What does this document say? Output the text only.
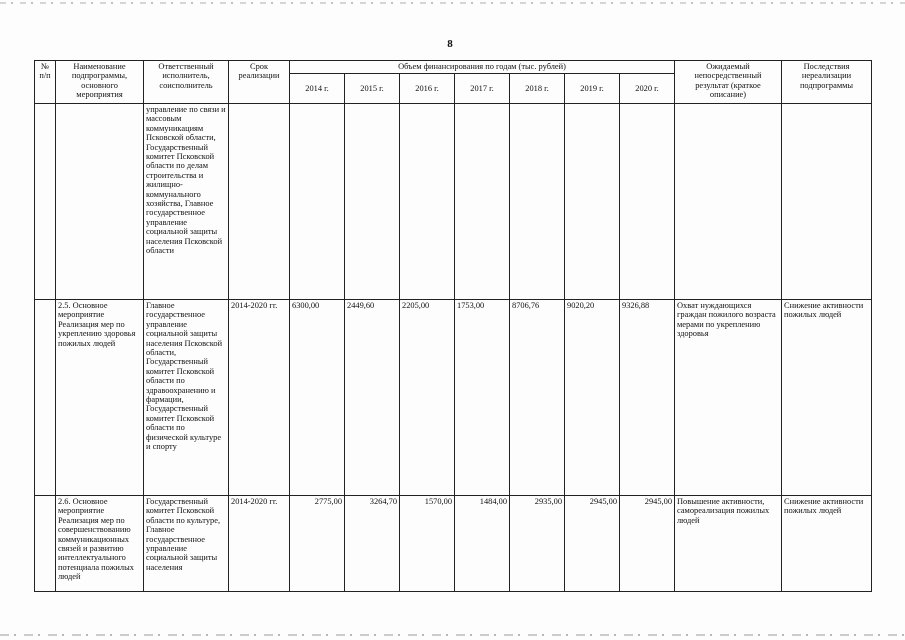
8
№ п/п	Наименование подпрограммы, основного мероприятия	Ответственный исполнитель, соисполнитель	Срок реализации	Объем финансирования по годам (тыс. рублей)							Ожидаемый непосредственный результат (краткое описание)	Последствия нереализации подпрограммы
				2014 г.	2015 г.	2016 г.	2017 г.	2018 г.	2019 г.	2020 г.		
		управление по связи и массовым коммуникациям Псковской области, Государственный комитет Псковской области по делам строительства и жилищно-коммунального хозяйства, Главное государственное управление социальной защиты населения Псковской области										
	2.5. Основное мероприятие Реализация мер по укреплению здоровья пожилых людей	Главное государственное управление социальной защиты населения Псковской области, Государственный комитет Псковской области по здравоохранению и фармации, Государственный комитет Псковской области по физической культуре и спорту	2014-2020 гг.	6300,00	2449,60	2205,00	1753,00	8706,76	9020,20	9326,88	Охват нуждающихся граждан пожилого возраста мерами по укреплению здоровья	Снижение активности пожилых людей
	2.6. Основное мероприятие Реализация мер по совершенствованию коммуникационных связей и развитию интеллектуального потенциала пожилых людей	Государственный комитет Псковской области по культуре, Главное государственное управление социальной защиты населения	2014-2020 гг.	2775,00	3264,70	1570,00	1484,00	2935,00	2945,00	2945,00	Повышение активности, самореализация пожилых людей	Снижение активности пожилых людей
